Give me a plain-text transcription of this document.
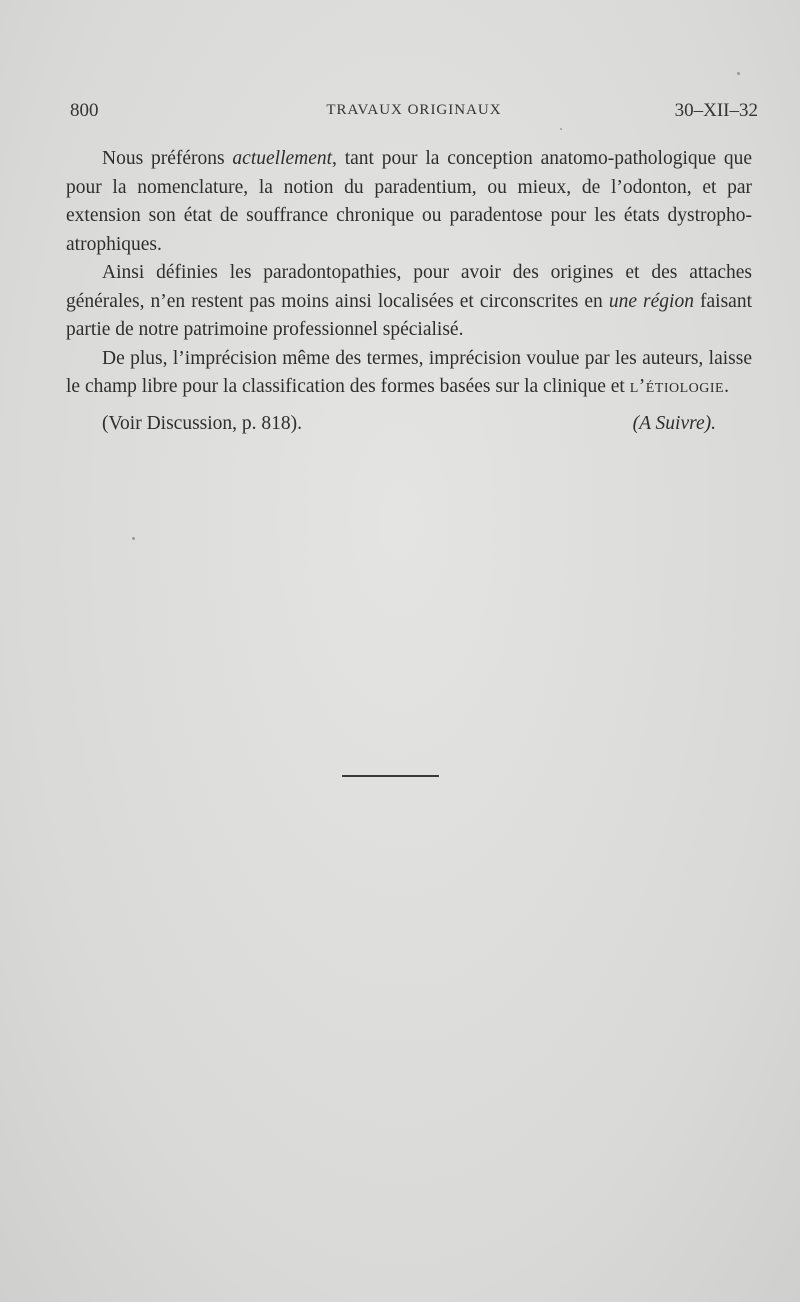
800	TRAVAUX ORIGINAUX	30–XII–32

Nous préférons actuellement, tant pour la conception anatomo-pathologique que pour la nomenclature, la notion du paradentium, ou mieux, de l’odonton, et par extension son état de souffrance chronique ou paradentose pour les états dystropho-atrophiques.

Ainsi définies les paradontopathies, pour avoir des origines et des attaches générales, n’en restent pas moins ainsi localisées et circonscrites en une région faisant partie de notre patrimoine professionnel spécialisé.

De plus, l’imprécision même des termes, imprécision voulue par les auteurs, laisse le champ libre pour la classification des formes basées sur la clinique et l’étiologie.

(Voir Discussion, p. 818).	(A Suivre).
